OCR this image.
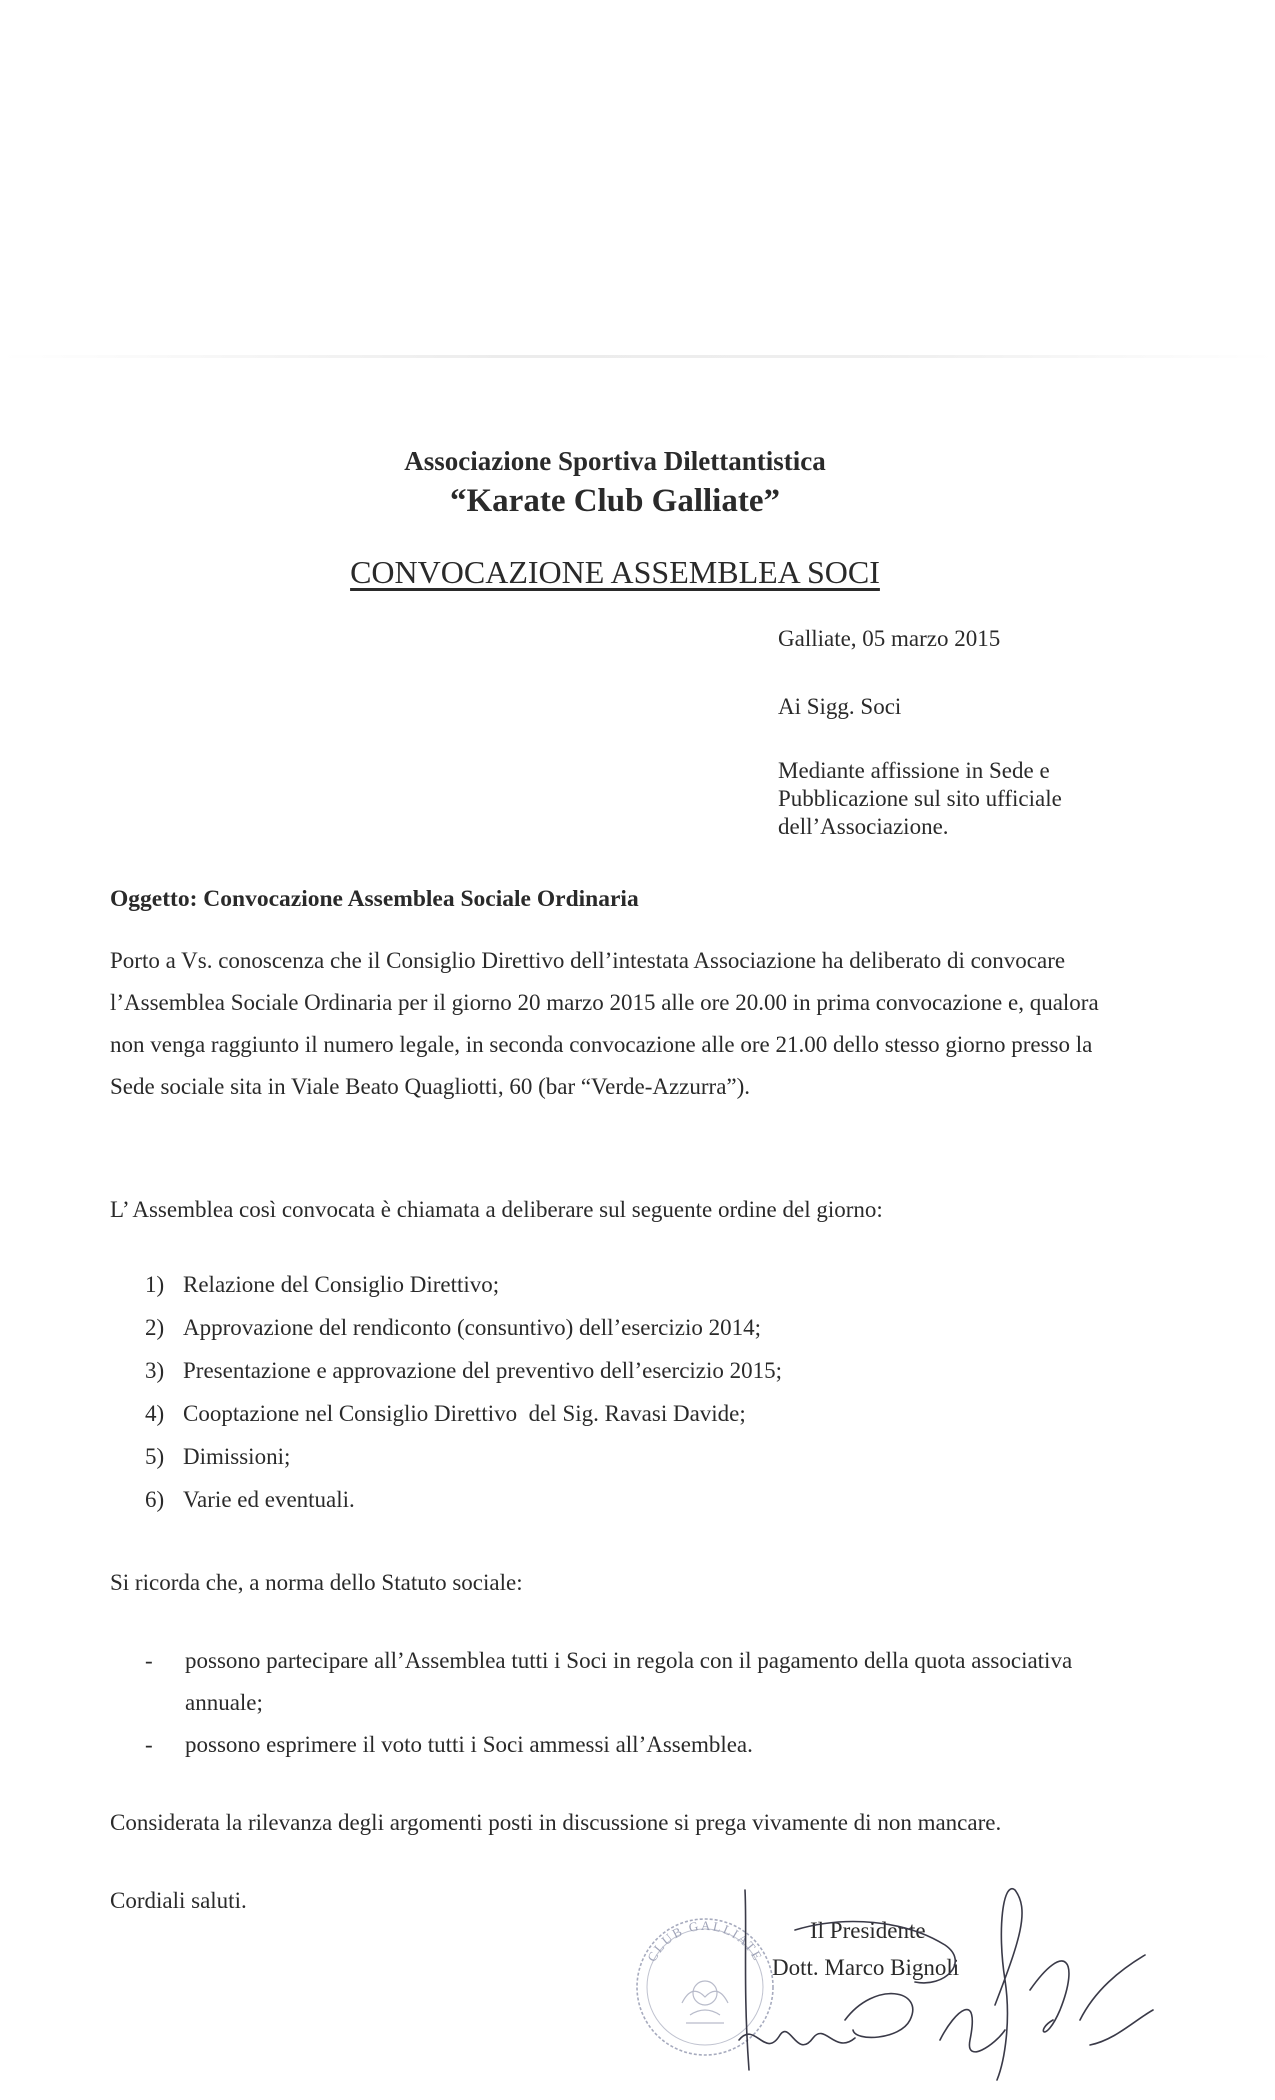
Associazione Sportiva Dilettantistica
“Karate Club Galliate”
CONVOCAZIONE ASSEMBLEA SOCI

Galliate, 05 marzo 2015

Ai Sigg. Soci

Mediante affissione in Sede e

Pubblicazione sul sito ufficiale

dell’Associazione.

Oggetto: Convocazione Assemblea Sociale Ordinaria

Porto a Vs. conoscenza che il Consiglio Direttivo dell’intestata Associazione ha deliberato di convocare l’Assemblea Sociale Ordinaria per il giorno 20 marzo 2015 alle ore 20.00 in prima convocazione e, qualora non venga raggiunto il numero legale, in seconda convocazione alle ore 21.00 dello stesso giorno presso la Sede sociale sita in Viale Beato Quagliotti, 60 (bar “Verde-Azzurra”).

L’ Assemblea così convocata è chiamata a deliberare sul seguente ordine del giorno:

1) Relazione del Consiglio Direttivo;
2) Approvazione del rendiconto (consuntivo) dell’esercizio 2014;
3) Presentazione e approvazione del preventivo dell’esercizio 2015;
4) Cooptazione nel Consiglio Direttivo  del Sig. Ravasi Davide;
5) Dimissioni;
6) Varie ed eventuali.

Si ricorda che, a norma dello Statuto sociale:

-	possono partecipare all’Assemblea tutti i Soci in regola con il pagamento della quota associativa annuale;
-	possono esprimere il voto tutti i Soci ammessi all’Assemblea.

Considerata la rilevanza degli argomenti posti in discussione si prega vivamente di non mancare.

Cordiali saluti.

CLUB GALLIATE
Il Presidente
Dott. Marco Bignoli
